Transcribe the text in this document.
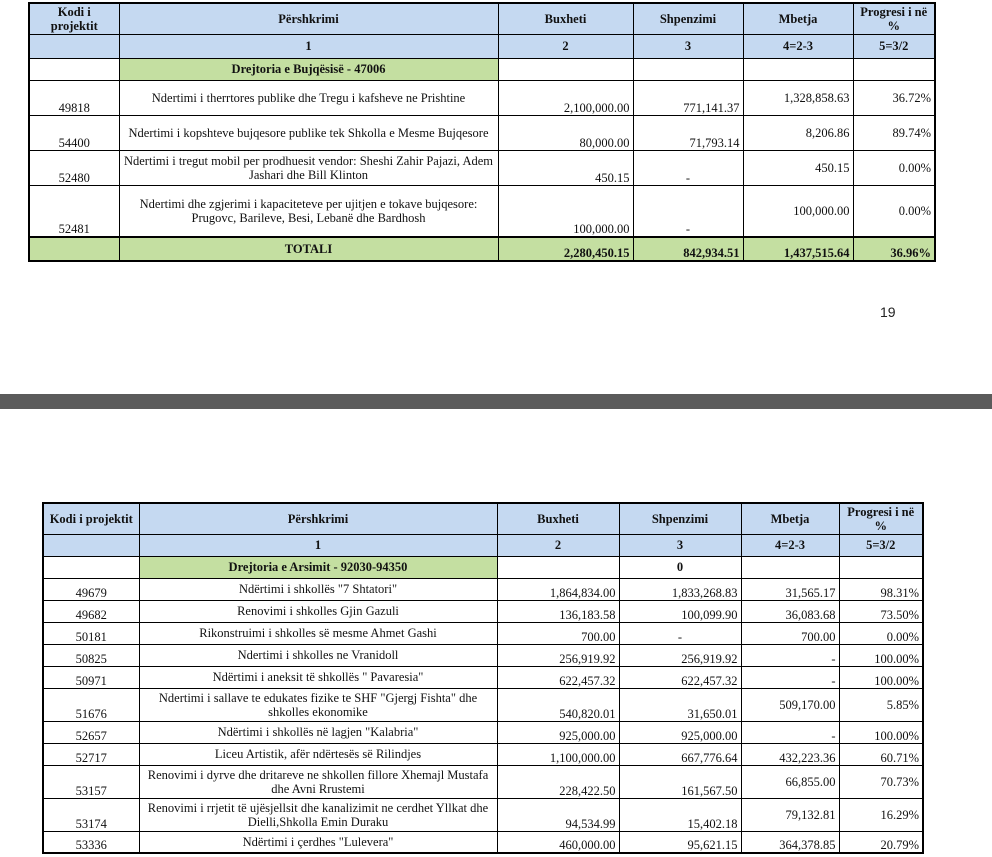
Kodi i projektit	Përshkrimi	Buxheti	Shpenzimi	Mbetja	Progresi i në %
	1	2	3	4=2-3	5=3/2
	Drejtoria e Bujqësisë - 47006				
49818	Ndertimi i therrtores publike dhe Tregu i kafsheve ne Prishtine	2,100,000.00	771,141.37	1,328,858.63	36.72%
54400	Ndertimi i kopshteve bujqesore publike tek Shkolla e Mesme Bujqesore	80,000.00	71,793.14	8,206.86	89.74%
52480	Ndertimi i tregut mobil per prodhuesit vendor: Sheshi Zahir Pajazi, Adem Jashari dhe Bill Klinton	450.15	-	450.15	0.00%
52481	Ndertimi dhe zgjerimi i kapaciteteve per ujitjen e tokave bujqesore: Prugovc, Barileve, Besi, Lebanë dhe Bardhosh	100,000.00	-	100,000.00	0.00%
	TOTALI	2,280,450.15	842,934.51	1,437,515.64	36.96%
19
Kodi i projektit	Përshkrimi	Buxheti	Shpenzimi	Mbetja	Progresi i në %
	1	2	3	4=2-3	5=3/2
	Drejtoria e Arsimit - 92030-94350		0		
49679	Ndërtimi i shkollës "7 Shtatori"	1,864,834.00	1,833,268.83	31,565.17	98.31%
49682	Renovimi i shkolles Gjin Gazuli	136,183.58	100,099.90	36,083.68	73.50%
50181	Rikonstruimi i shkolles së mesme Ahmet Gashi	700.00	-	700.00	0.00%
50825	Ndertimi i shkolles ne Vranidoll	256,919.92	256,919.92	-	100.00%
50971	Ndërtimi i aneksit të shkollës " Pavaresia"	622,457.32	622,457.32	-	100.00%
51676	Ndertimi i sallave te edukates fizike te SHF "Gjergj Fishta" dhe shkolles ekonomike	540,820.01	31,650.01	509,170.00	5.85%
52657	Ndërtimi i shkollës në lagjen "Kalabria"	925,000.00	925,000.00	-	100.00%
52717	Liceu Artistik, afër ndërtesës së Rilindjes	1,100,000.00	667,776.64	432,223.36	60.71%
53157	Renovimi i dyrve dhe dritareve ne shkollen fillore Xhemajl Mustafa dhe Avni Rrustemi	228,422.50	161,567.50	66,855.00	70.73%
53174	Renovimi i rrjetit të ujësjellsit dhe kanalizimit ne cerdhet Yllkat dhe Dielli,Shkolla Emin Duraku	94,534.99	15,402.18	79,132.81	16.29%
53336	Ndërtimi i çerdhes "Lulevera"	460,000.00	95,621.15	364,378.85	20.79%
